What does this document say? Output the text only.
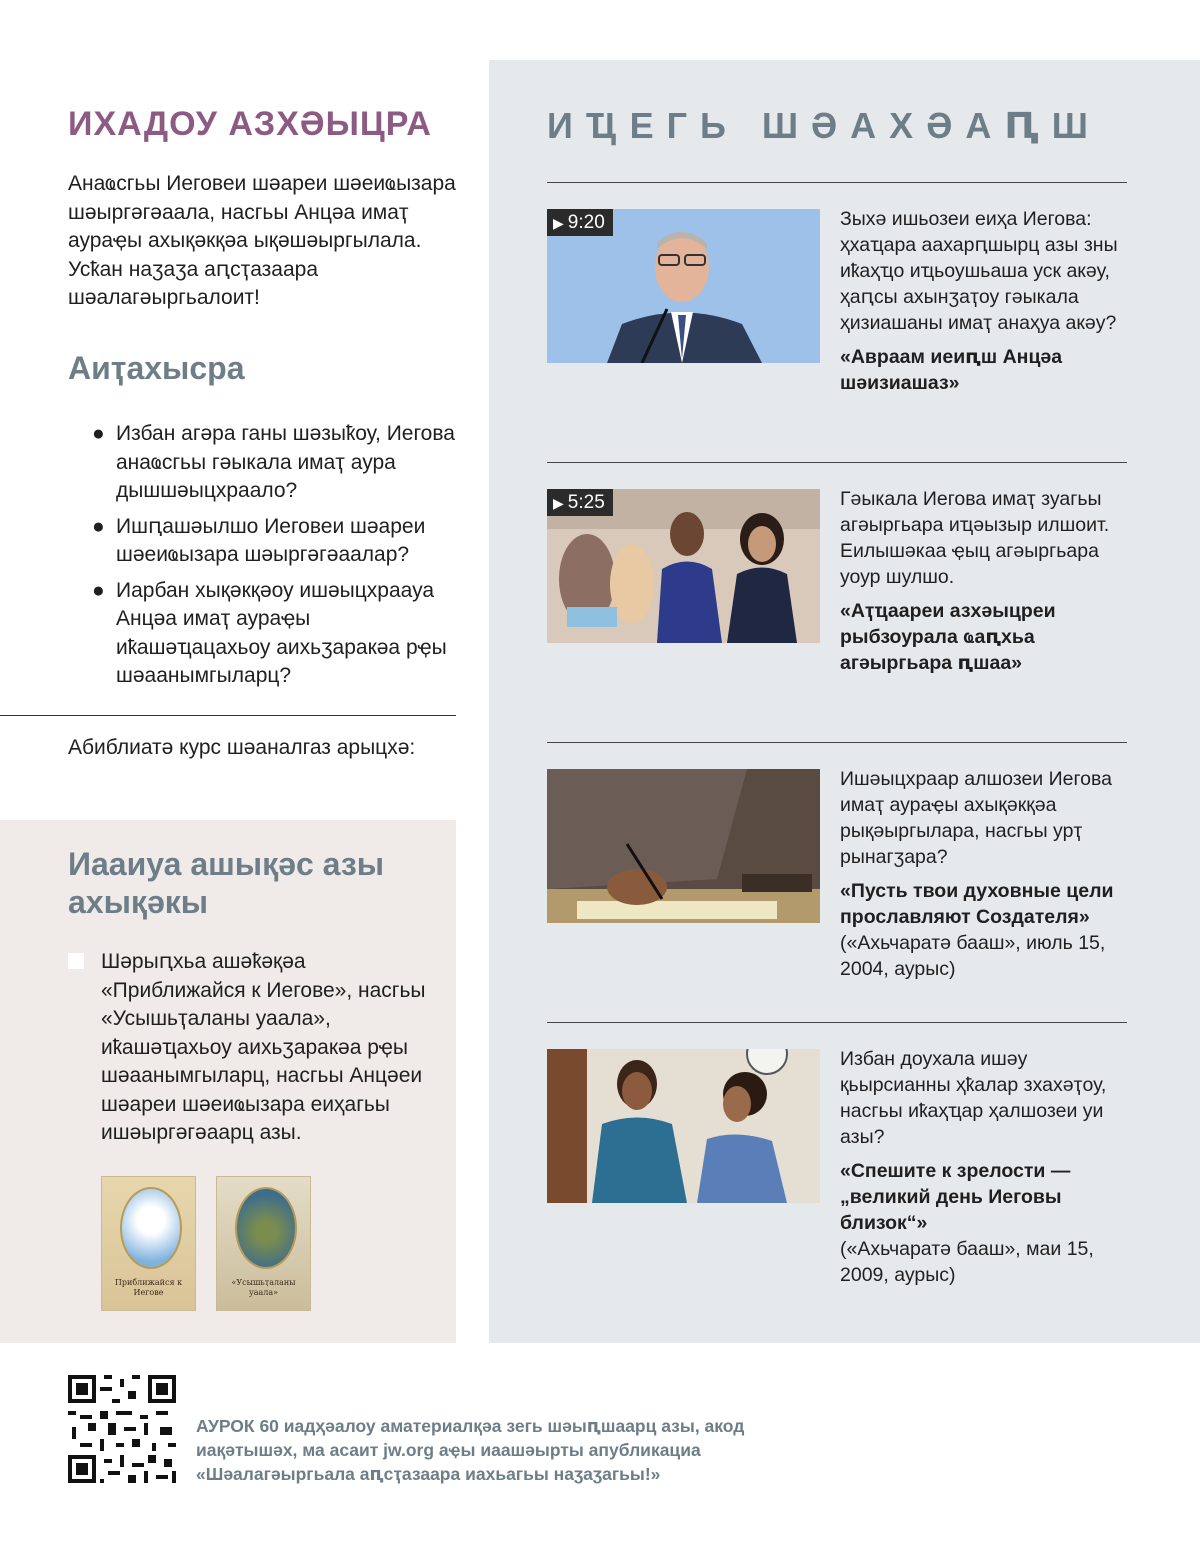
ИХАДОУ АЗХӘЫЦРА

Анаҩсгьы Иеговеи шәареи шәеиҩызара шәыргәгәаала, насгьы Анцәа имаҭ аураҿы ахықәкқәа ықәшәыргылала. Усҟан наӡаӡа аԥсҭазаара шәалагәыргьалоит!

Аиҭахысра
● Избан агәра ганы шәзыҟоу, Иегова анаҩсгьы гәыкала имаҭ аура дышшәыцхраало?
● Ишԥашәылшо Иеговеи шәареи шәеиҩызара шәыргәгәаалар?
● Иарбан хықәкқәоу ишәыцхраауа Анцәа имаҭ аураҿы иҟашәҵацахьоу аихьӡаракәа рҿы шәаанымгыларц?

Абиблиатә курс шәаналгаз арыцхә:

Иааиуа ашықәс азы ахықәкы

Шәрыԥхьа ашәҟәқәа «Приближайся к Иегове», насгьы «Усышьҭаланы уаала», иҟашәҵахьоу аихьӡаракәа рҿы шәаанымгыларц, насгьы Анцәеи шәареи шәеиҩызара еиҳагьы ишәыргәгәаарц азы.

Приближайся к Иегове
«Усышьҭаланы уаала»
ИҴЕГЬ ШӘАХӘАԤШ
▶ 9:20	Зыхә ишьозеи еиҳа Иегова: ҳхаҵара аахарԥшырц азы зны иҟаҳҵо иҵьоушьаша уск акәу, ҳаԥсы ахынӡаҭоу гәыкала ҳизиашаны имаҭ анаҳуа акәу?

«Авраам иеиԥш Анцәа шәизиашаз»

▶ 5:25	Гәыкала Иегова имаҭ зуагьы агәыргьара иҵәызыр илшоит. Еилышәкаа ҿыц агәыргьара уоур шулшо.

«Аҭҵаареи азхәыцреи рыбзоурала ҩаԥхьа агәыргьара ԥшаа»

Ишәыцхраар алшозеи Иегова имаҭ аураҿы ахықәкқәа рықәыргылара, насгьы урҭ рынагӡара?

«Пусть твои духовные цели прославляют Создателя»

(«Ахьчаратә бааш», июль 15, 2004, аурыс)

Избан доухала ишәу қьырсианны ҳҟалар зхахәҭоу, насгьы иҟаҳҵар ҳалшозеи уи азы?

«Спешите к зрелости — „великий день Иеговы близок“»

(«Ахьчаратә бааш», маи 15, 2009, аурыс)

АУРОК 60 иадҳәалоу аматериалқәа зегь шәыԥшаарц азы, акод иақәтышәх, ма асаит jw.org аҿы иаашәырты апубликациа «Шәалагәыргьала аԥсҭазаара иахьагьы наӡаӡагьы!»
